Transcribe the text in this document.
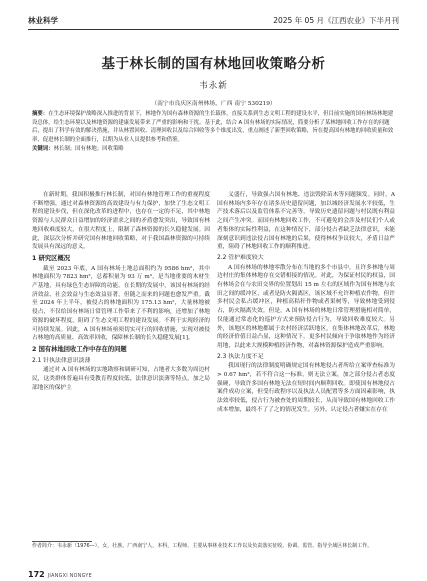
林业科学	2025 年 05 月《江西农业》下半月刊
基于林长制的国有林地回收策略分析
韦永新
（南宁市良庆区南州林场，广西 南宁 530219）
摘要：在生态环境保护战略深入推进的背景下，林地作为国有森林资源的生长载体，直接关系到生态文明工程的建设水平，但目前实施的国有林场林地建设总体，给生态环境以及林地资源的建康发展带来了严重的影响和干扰。基于此，结合 A 国有林场的实际情况，简要分析了某林地回收工作存在的问题后，提出了科学有效的解决措施，并从林置回收、清理回收以及综合回收等多个维度出发，重点阐述了新型回收策略，旨在提高国有林地的回收质量和效率，促进林长制的全面推行，以期为从业人员提供参考和借鉴。
关键词：林长制；国有林地；回收策略

在新时期，我国积极推行林长制，对国有林地管理工作的重视程度不断增强，通过对森林资源的高效建设与有力保护，加快了生态文明工程的建设步伐，但在深化改革的进程中，也存在一定的不足，其中林地资源与人民群众日益增加的经济需求之间的矛盾愈发突出，导致国有林地回收难度较大，在很大程度上，限制了森林资源的长久稳健发展。因此，深层次分析并研究国有林地回收策略，对于我国森林资源的可持续发展具有深远的意义。

1 研究区概况

截至 2023 年底，A 国有林场土地总面积约为 9586 hm²，其中林地面积为 7823 hm²，总蓄积量为 93 万 m³，是当地重要的木材生产基地，具有绿色生态屏障的功能。在长期的发展中，该国有林场的经济效益、社会效益与生态效益显著，但随之而来的问题也愈发严重。截至 2024 年上半年，被侵占的林地面积为 175.13 hm²，大量林地被侵占，不仅给国有林场日常管理工作带来了不利的影响，还增加了林地资源的破坏程度，阻碍了生态文明工程的建设发展。不利于实现经济的可持续发展。因此，A 国有林场亟须切实可行的回收措施，实现对被侵占林地的高质量、高效率回收，保障林长制的长久稳健发展[1]。

2 国有林地回收工作中存在的问题

2.1 针执法律意识淡薄

通过对 A 国有林场的实地勘察和调研可知，占地者大多数为周边村民，这类群体普遍具有受教育程度较低、法律意识淡薄等特点，加之局部地区的保护主

义盛行，导致强占国有林地、违法毁除苗木等问题频发。同时，A 国有林场内多年存在诸多历史遗留问题，加以城经济发展水平较低，生产技术落后以及监管体系不完善等，导致历史遗留问题与村民既有利益之间产生冲突。而国有林地回收工作，不可避免的会涉及村民们个人或者集体的实际性利益，在这种情况下，部分侵占者缺乏法律意识，未能深刻意识到违法侵占国有林地的后果，使得林权争议较大，矛盾日益严重，阻碍了林地回收工作的顺利推进。

2.2 管护难度较大

A 国有林场的林地零散分布在当地的多个市县中，且许多林地与周边村庄的集体林地存在交错相接的情况。对此，为保证村民的权益，国有林场会在与农田交界的位置划出 15 m 左右的区域作为国有林地与农田之间的缓冲区，或者是防火隔离区，该区域不允许种植农作物，但许多村民会私占缓冲区，种植高秸秆作物或者果树等，导致林地受到侵占，防火隔离失效。但是，A 国有林场的林地日常管理措施相对简单，仅能通过常态化的巡护方式来预防侵占行为，导致回收难度较大。另外，该地区的林地都属于农村经济活跃地区，在集体林地改革后，林地的经济价值日益凸显，这种情况下，更多村民倾向于争取林地作为经济用地，以此来大规模种植经济作物，对森林资源保护造成严重影响。

2.3 执法力度不足

我国现行的法律制度明确规定国有林地侵占者所给立案审查标准为 > 0.67 hm²，若不符合这一标准，则无法立案，加之部分侵占者态度强硬，导致许多国有林地无法在短时间内顺利回收。即使国有林地侵占案件成功立案，但受行政程序以及执法人员配置等多方面因素影响，执法效率较低，侵占行为被查处的周期较长，从而导致国有林地回收工作成本增加，最终不了了之的情况发生。另外，认定侵占者嫌实在存在

作者简介：韦永新（1976—），女，壮族，广西南宁人，本科，工程师，主要从事林业技术工作以及负责落实征收，协调、监管、指导全域区林长制工作。
172 JIANGXI NONGYE
